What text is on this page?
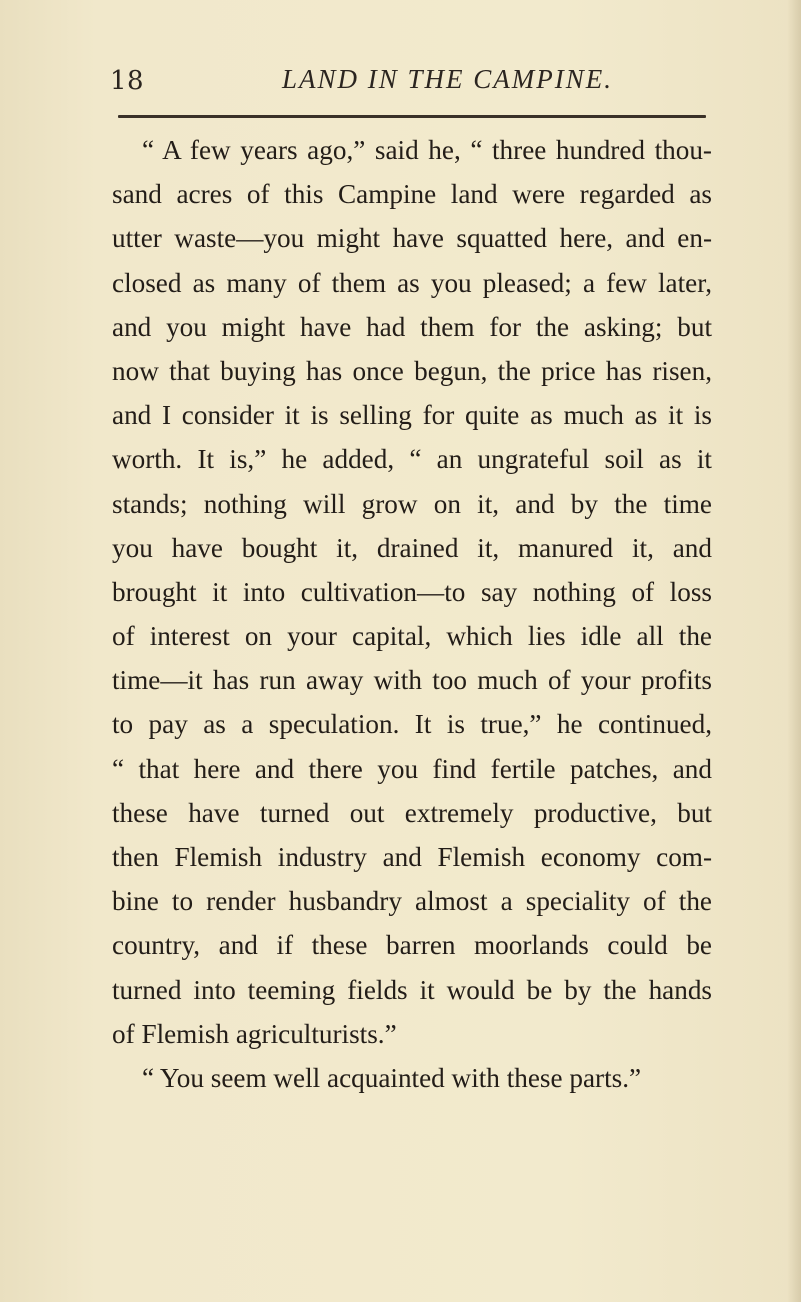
18	LAND IN THE CAMPINE.
“ A few years ago,” said he, “ three hundred thou-
sand acres of this Campine land were regarded as
utter waste—you might have squatted here, and en-
closed as many of them as you pleased; a few later,
and you might have had them for the asking; but
now that buying has once begun, the price has risen,
and I consider it is selling for quite as much as it is
worth. It is,” he added, “ an ungrateful soil as it
stands; nothing will grow on it, and by the time
you have bought it, drained it, manured it, and
brought it into cultivation—to say nothing of loss
of interest on your capital, which lies idle all the
time—it has run away with too much of your profits
to pay as a speculation. It is true,” he continued,
“ that here and there you find fertile patches, and
these have turned out extremely productive, but
then Flemish industry and Flemish economy com-
bine to render husbandry almost a speciality of the
country, and if these barren moorlands could be
turned into teeming fields it would be by the hands
of Flemish agriculturists.”
“ You seem well acquainted with these parts.”
